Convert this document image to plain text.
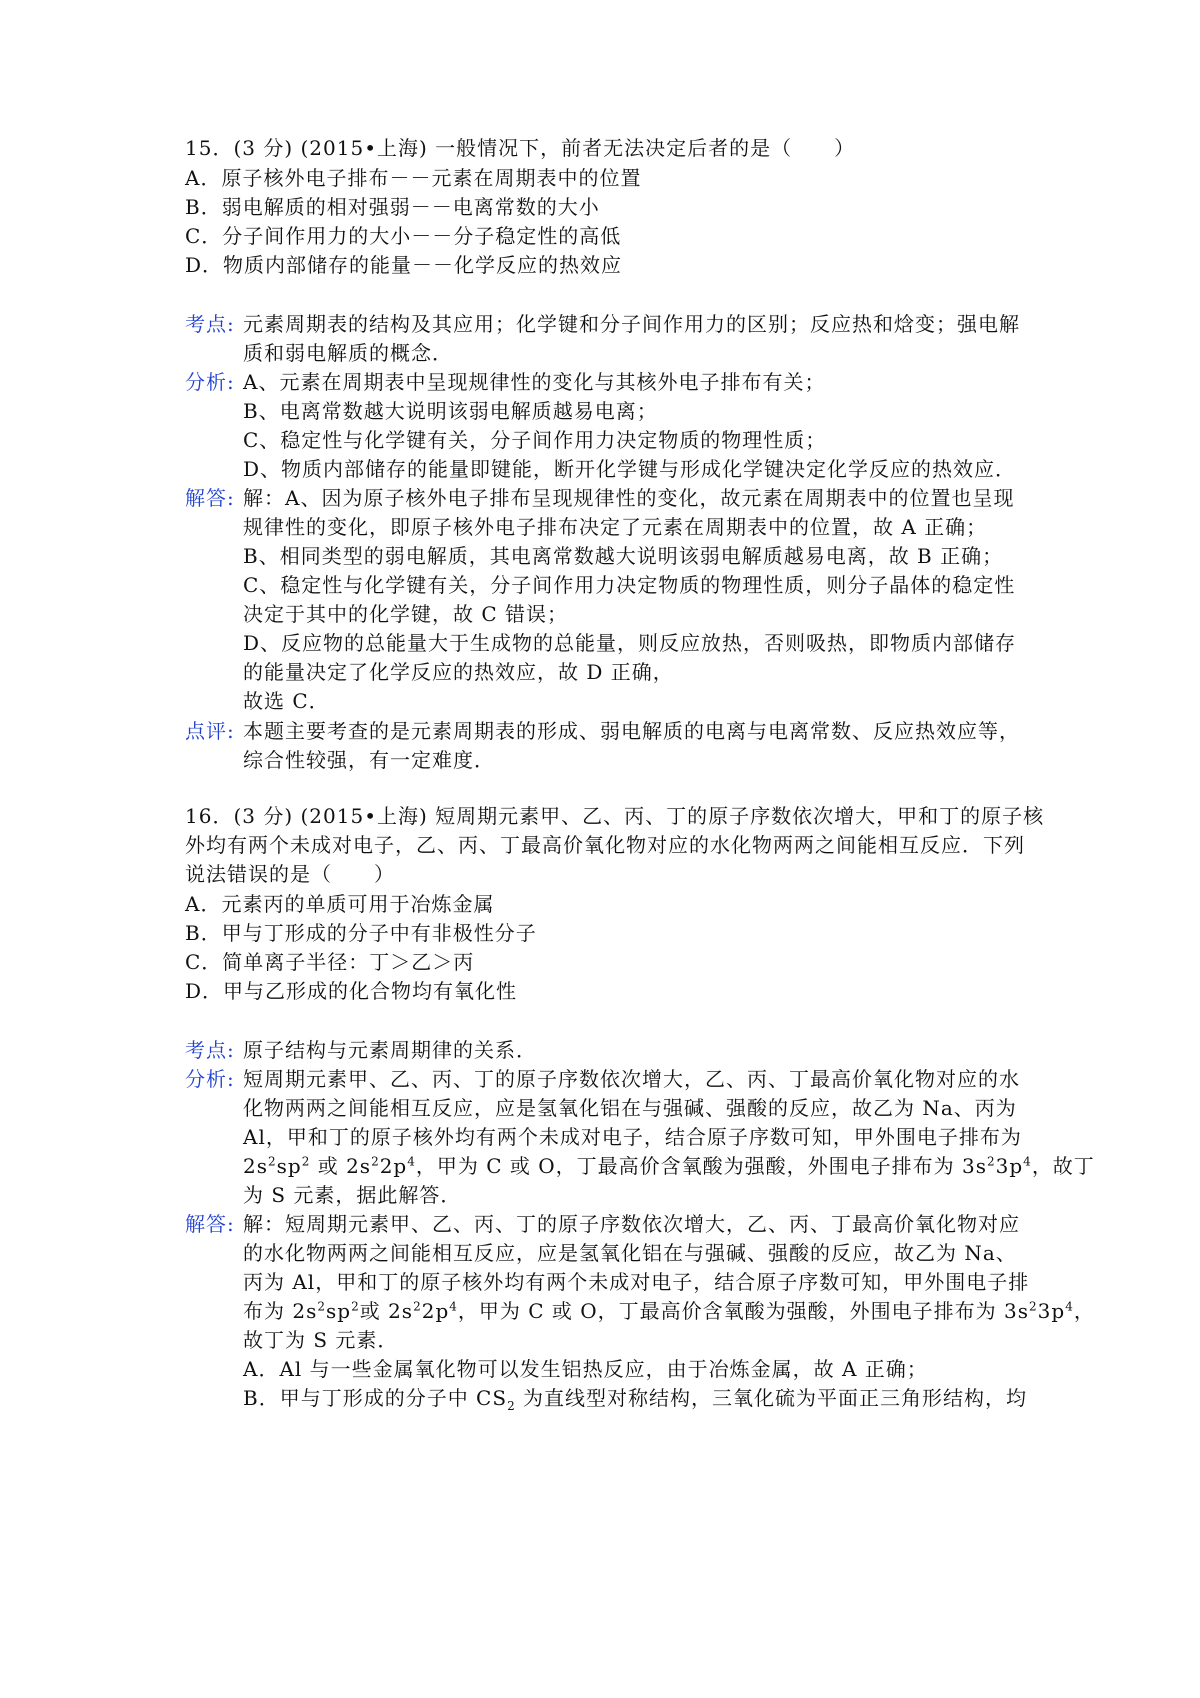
15．(3 分) (2015•上海) 一般情况下，前者无法决定后者的是（　　）
A．原子核外电子排布－－元素在周期表中的位置
B．弱电解质的相对强弱－－电离常数的大小
C．分子间作用力的大小－－分子稳定性的高低
D．物质内部储存的能量－－化学反应的热效应
考点: 元素周期表的结构及其应用；化学键和分子间作用力的区别；反应热和焓变；强电解
质和弱电解质的概念．
分析: A、元素在周期表中呈现规律性的变化与其核外电子排布有关；
B、电离常数越大说明该弱电解质越易电离；
C、稳定性与化学键有关，分子间作用力决定物质的物理性质；
D、物质内部储存的能量即键能，断开化学键与形成化学键决定化学反应的热效应．
解答: 解：A、因为原子核外电子排布呈现规律性的变化，故元素在周期表中的位置也呈现
规律性的变化，即原子核外电子排布决定了元素在周期表中的位置，故 A 正确；
B、相同类型的弱电解质，其电离常数越大说明该弱电解质越易电离，故 B 正确；
C、稳定性与化学键有关，分子间作用力决定物质的物理性质，则分子晶体的稳定性
决定于其中的化学键，故 C 错误；
D、反应物的总能量大于生成物的总能量，则反应放热，否则吸热，即物质内部储存
的能量决定了化学反应的热效应，故 D 正确，
故选 C．
点评: 本题主要考查的是元素周期表的形成、弱电解质的电离与电离常数、反应热效应等，
综合性较强，有一定难度．
16．(3 分) (2015•上海) 短周期元素甲、乙、丙、丁的原子序数依次增大，甲和丁的原子核
外均有两个未成对电子，乙、丙、丁最高价氧化物对应的水化物两两之间能相互反应．下列
说法错误的是（　　）
A．元素丙的单质可用于冶炼金属
B．甲与丁形成的分子中有非极性分子
C．简单离子半径：丁＞乙＞丙
D．甲与乙形成的化合物均有氧化性
考点: 原子结构与元素周期律的关系．
分析: 短周期元素甲、乙、丙、丁的原子序数依次增大，乙、丙、丁最高价氧化物对应的水
化物两两之间能相互反应，应是氢氧化铝在与强碱、强酸的反应，故乙为 Na、丙为
Al，甲和丁的原子核外均有两个未成对电子，结合原子序数可知，甲外围电子排布为
$2s^2sp^2$ 或 $2s^22p^4$，甲为 C 或 O，丁最高价含氧酸为强酸，外围电子排布为 $3s^23p^4$，故丁
为 S 元素，据此解答．
解答: 解：短周期元素甲、乙、丙、丁的原子序数依次增大，乙、丙、丁最高价氧化物对应
的水化物两两之间能相互反应，应是氢氧化铝在与强碱、强酸的反应，故乙为 Na、
丙为 Al，甲和丁的原子核外均有两个未成对电子，结合原子序数可知，甲外围电子排
布为 $2s^2sp^2$或 $2s^22p^4$，甲为 C 或 O，丁最高价含氧酸为强酸，外围电子排布为 $3s^23p^4$，
故丁为 S 元素．
A．Al 与一些金属氧化物可以发生铝热反应，由于冶炼金属，故 A 正确；
B．甲与丁形成的分子中 $CS_2$ 为直线型对称结构，三氧化硫为平面正三角形结构，均
